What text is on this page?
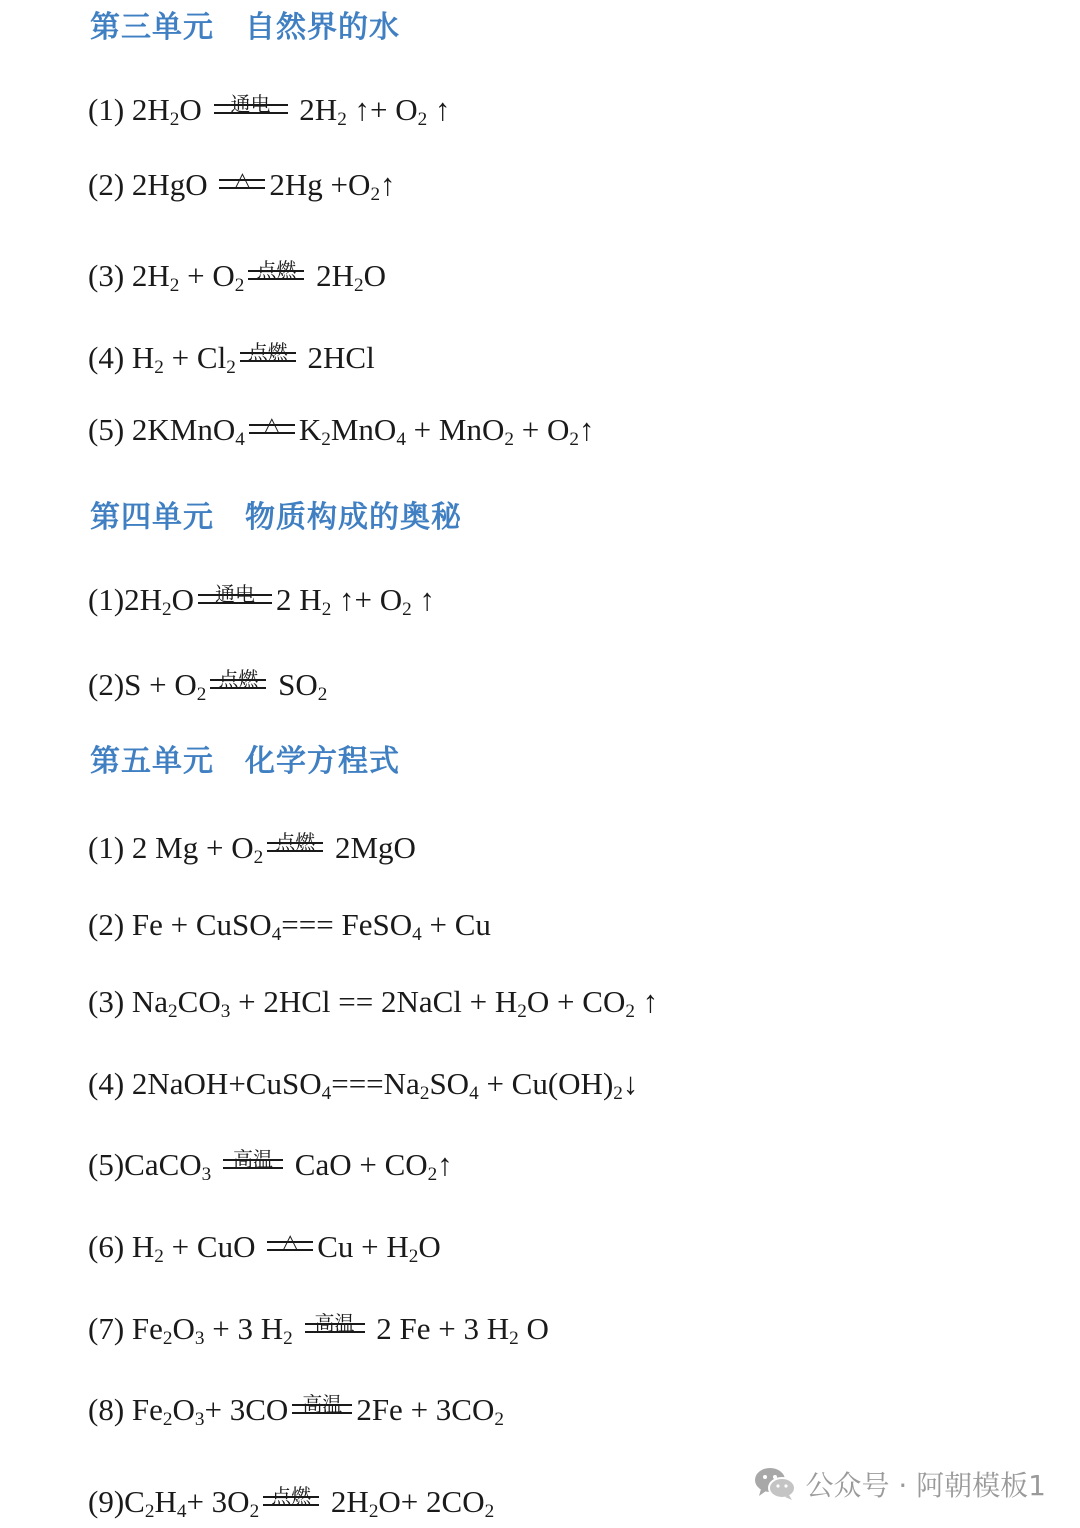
第三单元　自然界的水

(1) $2H_2O$	通电 $2H_2$ ↑+ $O_2$ ↑

(2) 2HgO △ $2Hg +O_2↑$

(3) $2H_2 + O_2$
点燃 $2H_2O$

(4) $H_2 + Cl_2$
点燃 2HCl

(5) 2KMnO$_4$
△ $K_2MnO_4 + MnO_2$ + $O_2↑$

第四单元　物质构成的奥秘

$(1)2H_2O$	通电 2 $H_2$ ↑+ $O_2$ ↑

$(2)S + O_2$
点燃 $SO_2$

第五单元　化学方程式

(1) 2 $Mg + O_2$
点燃 2MgO

(2) Fe + CuSO$_4$=== FeSO$_4$ + Cu

(3) $Na_2CO_3 + 2HCl$ == 2NaCl + $H_2O + CO_2$ ↑

(4) $2NaOH+CuSO_4===Na_2SO_4$ + $Cu(OH)_2↓$

(5)CaCO$_3$
高温 CaO + $CO_2↑$

(6) $H_2$ + CuO △ $Cu + H_2O$

(7) $Fe_2O_3 + 3$ $H_2$
高温 2 Fe + 3 $H_2$ O

(8) $Fe_2O_3+ 3CO$ 高温 $2Fe + 3CO_2$

$(9)C_2H_4+ 3O_2$
点燃 $2H_2O+ 2CO_2$

公众号 · 阿朝模板1
